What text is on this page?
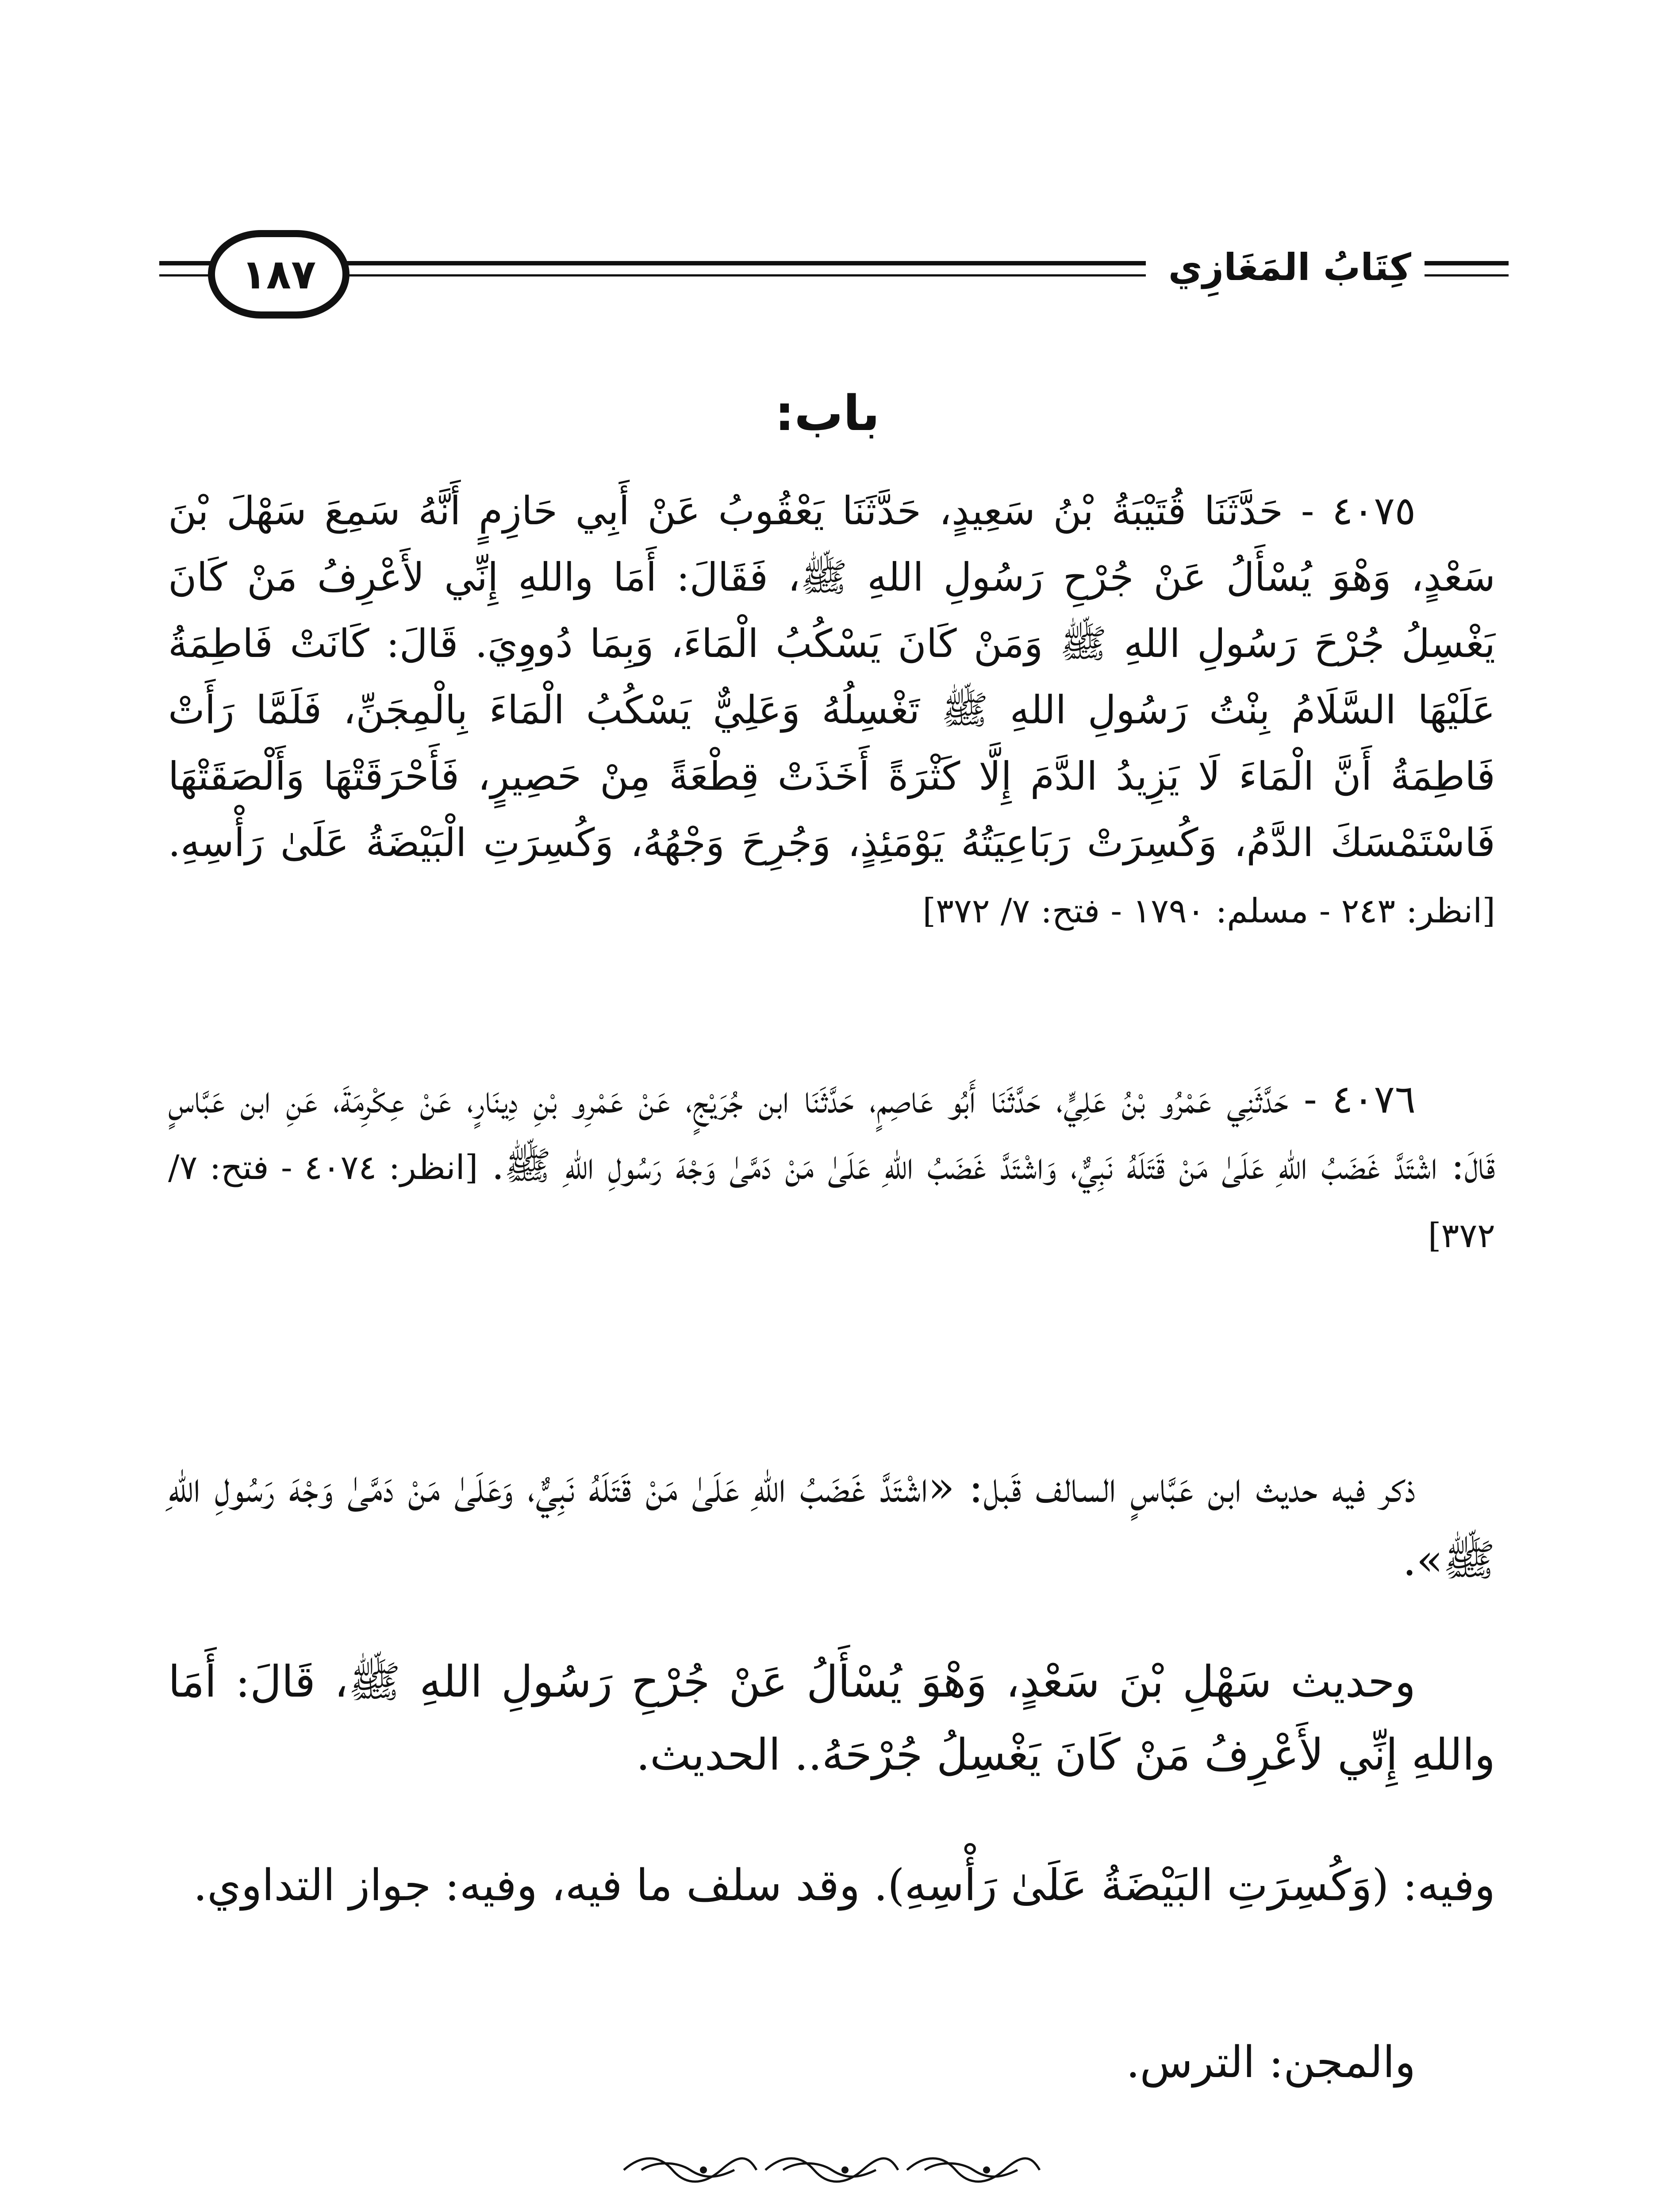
كِتَابُ المَغَازِي
١٨٧
باب:
٤٠٧٥ - حَدَّثَنَا قُتَيْبَةُ بْنُ سَعِيدٍ، حَدَّثَنَا يَعْقُوبُ عَنْ أَبِي حَازِمٍ أَنَّهُ سَمِعَ سَهْلَ بْنَ سَعْدٍ، وَهْوَ يُسْأَلُ عَنْ جُرْحِ رَسُولِ اللهِ ﷺ، فَقَالَ: أَمَا واللهِ إِنِّي لأَعْرِفُ مَنْ كَانَ يَغْسِلُ جُرْحَ رَسُولِ اللهِ ﷺ وَمَنْ كَانَ يَسْكُبُ الْمَاءَ، وَبِمَا دُووِيَ. قَالَ: كَانَتْ فَاطِمَةُ عَلَيْهَا السَّلَامُ بِنْتُ رَسُولِ اللهِ ﷺ تَغْسِلُهُ وَعَلِيٌّ يَسْكُبُ الْمَاءَ بِالْمِجَنِّ، فَلَمَّا رَأَتْ فَاطِمَةُ أَنَّ الْمَاءَ لَا يَزِيدُ الدَّمَ إِلَّا كَثْرَةً أَخَذَتْ قِطْعَةً مِنْ حَصِيرٍ، فَأَحْرَقَتْهَا وَأَلْصَقَتْهَا فَاسْتَمْسَكَ الدَّمُ، وَكُسِرَتْ رَبَاعِيَتُهُ يَوْمَئِذٍ، وَجُرِحَ وَجْهُهُ، وَكُسِرَتِ الْبَيْضَةُ عَلَىٰ رَأْسِهِ. [انظر: ٢٤٣ - مسلم: ١٧٩٠ - فتح: ٧/ ٣٧٢]
٤٠٧٦ - حَدَّثَنِي عَمْرُو بْنُ عَلِيٍّ، حَدَّثَنَا أَبُو عَاصِمٍ، حَدَّثَنَا ابن جُرَيْجٍ، عَنْ عَمْرِو بْنِ دِينَارٍ، عَنْ عِكْرِمَةَ، عَنِ ابن عَبَّاسٍ قَالَ: اشْتَدَّ غَضَبُ اللهِ عَلَىٰ مَنْ قَتَلَهُ نَبِيٌّ، وَاشْتَدَّ غَضَبُ اللهِ عَلَىٰ مَنْ دَمَّىٰ وَجْهَ رَسُولِ اللهِ ﷺ. [انظر: ٤٠٧٤ - فتح: ٧/ ٣٧٢]
ذكر فيه حديث ابن عَبَّاسٍ السالف قَبل: «اشْتَدَّ غَضَبُ اللهِ عَلَىٰ مَنْ قَتَلَهُ نَبِيٌّ، وَعَلَىٰ مَنْ دَمَّىٰ وَجْهَ رَسُولِ اللهِ ﷺ».
وحديث سَهْلِ بْنَ سَعْدٍ، وَهْوَ يُسْأَلُ عَنْ جُرْحِ رَسُولِ اللهِ ﷺ، قَالَ: أَمَا واللهِ إِنِّي لأَعْرِفُ مَنْ كَانَ يَغْسِلُ جُرْحَهُ.. الحديث.
وفيه: (وَكُسِرَتِ البَيْضَةُ عَلَىٰ رَأْسِهِ). وقد سلف ما فيه، وفيه: جواز التداوي.
والمجن: الترس.
